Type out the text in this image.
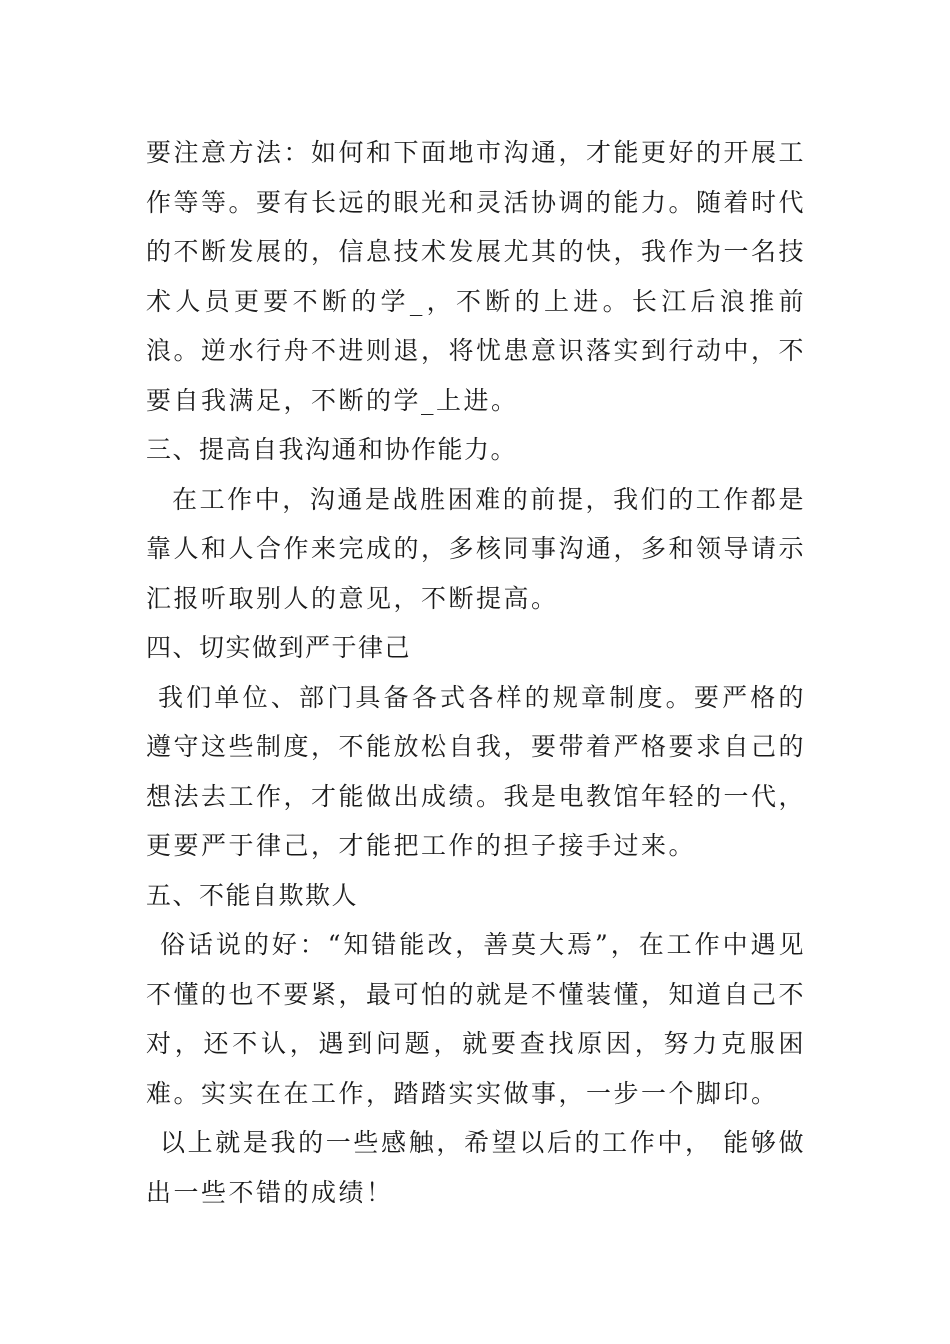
要注意方法：如何和下面地市沟通，才能更好的开展工作等等。要有长远的眼光和灵活协调的能力。随着时代的不断发展的，信息技术发展尤其的快，我作为一名技术人员更要不断的学_，不断的上进。长江后浪推前浪。逆水行舟不进则退，将忧患意识落实到行动中，不要自我满足，不断的学_上进。

三、提高自我沟通和协作能力。

在工作中，沟通是战胜困难的前提，我们的工作都是靠人和人合作来完成的，多核同事沟通，多和领导请示汇报听取别人的意见，不断提高。

四、切实做到严于律己

我们单位、部门具备各式各样的规章制度。要严格的遵守这些制度，不能放松自我，要带着严格要求自己的想法去工作，才能做出成绩。我是电教馆年轻的一代，更要严于律己，才能把工作的担子接手过来。

五、不能自欺欺人

俗话说的好：“知错能改，善莫大焉”，在工作中遇见不懂的也不要紧，最可怕的就是不懂装懂，知道自己不对，还不认，遇到问题，就要查找原因，努力克服困难。实实在在工作，踏踏实实做事，一步一个脚印。

以上就是我的一些感触，希望以后的工作中， 能够做出一些不错的成绩！
